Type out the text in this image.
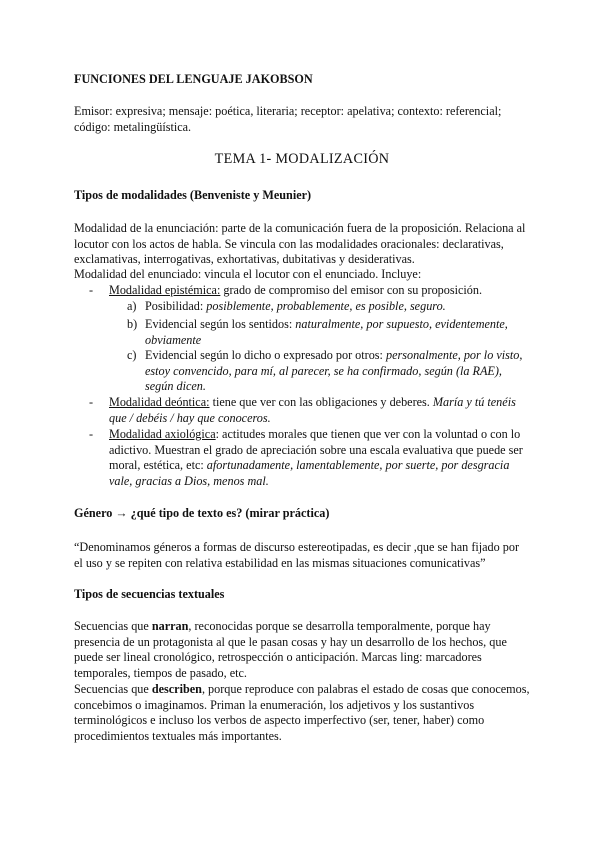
FUNCIONES DEL LENGUAJE JAKOBSON

Emisor: expresiva; mensaje: poética, literaria; receptor: apelativa; contexto: referencial; código: metalingüística.

TEMA 1- MODALIZACIÓN

Tipos de modalidades (Benveniste y Meunier)

Modalidad de la enunciación: parte de la comunicación fuera de la proposición. Relaciona al locutor con los actos de habla. Se vincula con las modalidades oracionales: declarativas, exclamativas, interrogativas, exhortativas, dubitativas y desiderativas.

Modalidad del enunciado: vincula el locutor con el enunciado. Incluye:

- Modalidad epistémica: grado de compromiso del emisor con su proposición.

a) Posibilidad: posiblemente, probablemente, es posible, seguro.

b) Evidencial según los sentidos: naturalmente, por supuesto, evidentemente, obviamente

c) Evidencial según lo dicho o expresado por otros: personalmente, por lo visto, estoy convencido, para mí, al parecer, se ha confirmado, según (la RAE), según dicen.

- Modalidad deóntica: tiene que ver con las obligaciones y deberes. María y tú tenéis que / debéis / hay que conoceros.

- Modalidad axiológica: actitudes morales que tienen que ver con la voluntad o con lo adictivo. Muestran el grado de apreciación sobre una escala evaluativa que puede ser moral, estética, etc: afortunadamente, lamentablemente, por suerte, por desgracia vale, gracias a Dios, menos mal.

Género → ¿qué tipo de texto es? (mirar práctica)

“Denominamos géneros a formas de discurso estereotipadas, es decir ,que se han fijado por el uso y se repiten con relativa estabilidad en las mismas situaciones comunicativas”

Tipos de secuencias textuales

Secuencias que narran, reconocidas porque se desarrolla temporalmente, porque hay presencia de un protagonista al que le pasan cosas y hay un desarrollo de los hechos, que puede ser lineal cronológico, retrospección o anticipación. Marcas ling: marcadores temporales, tiempos de pasado, etc.

Secuencias que describen, porque reproduce con palabras el estado de cosas que conocemos, concebimos o imaginamos. Priman la enumeración, los adjetivos y los sustantivos terminológicos e incluso los verbos de aspecto imperfectivo (ser, tener, haber) como procedimientos textuales más importantes.
